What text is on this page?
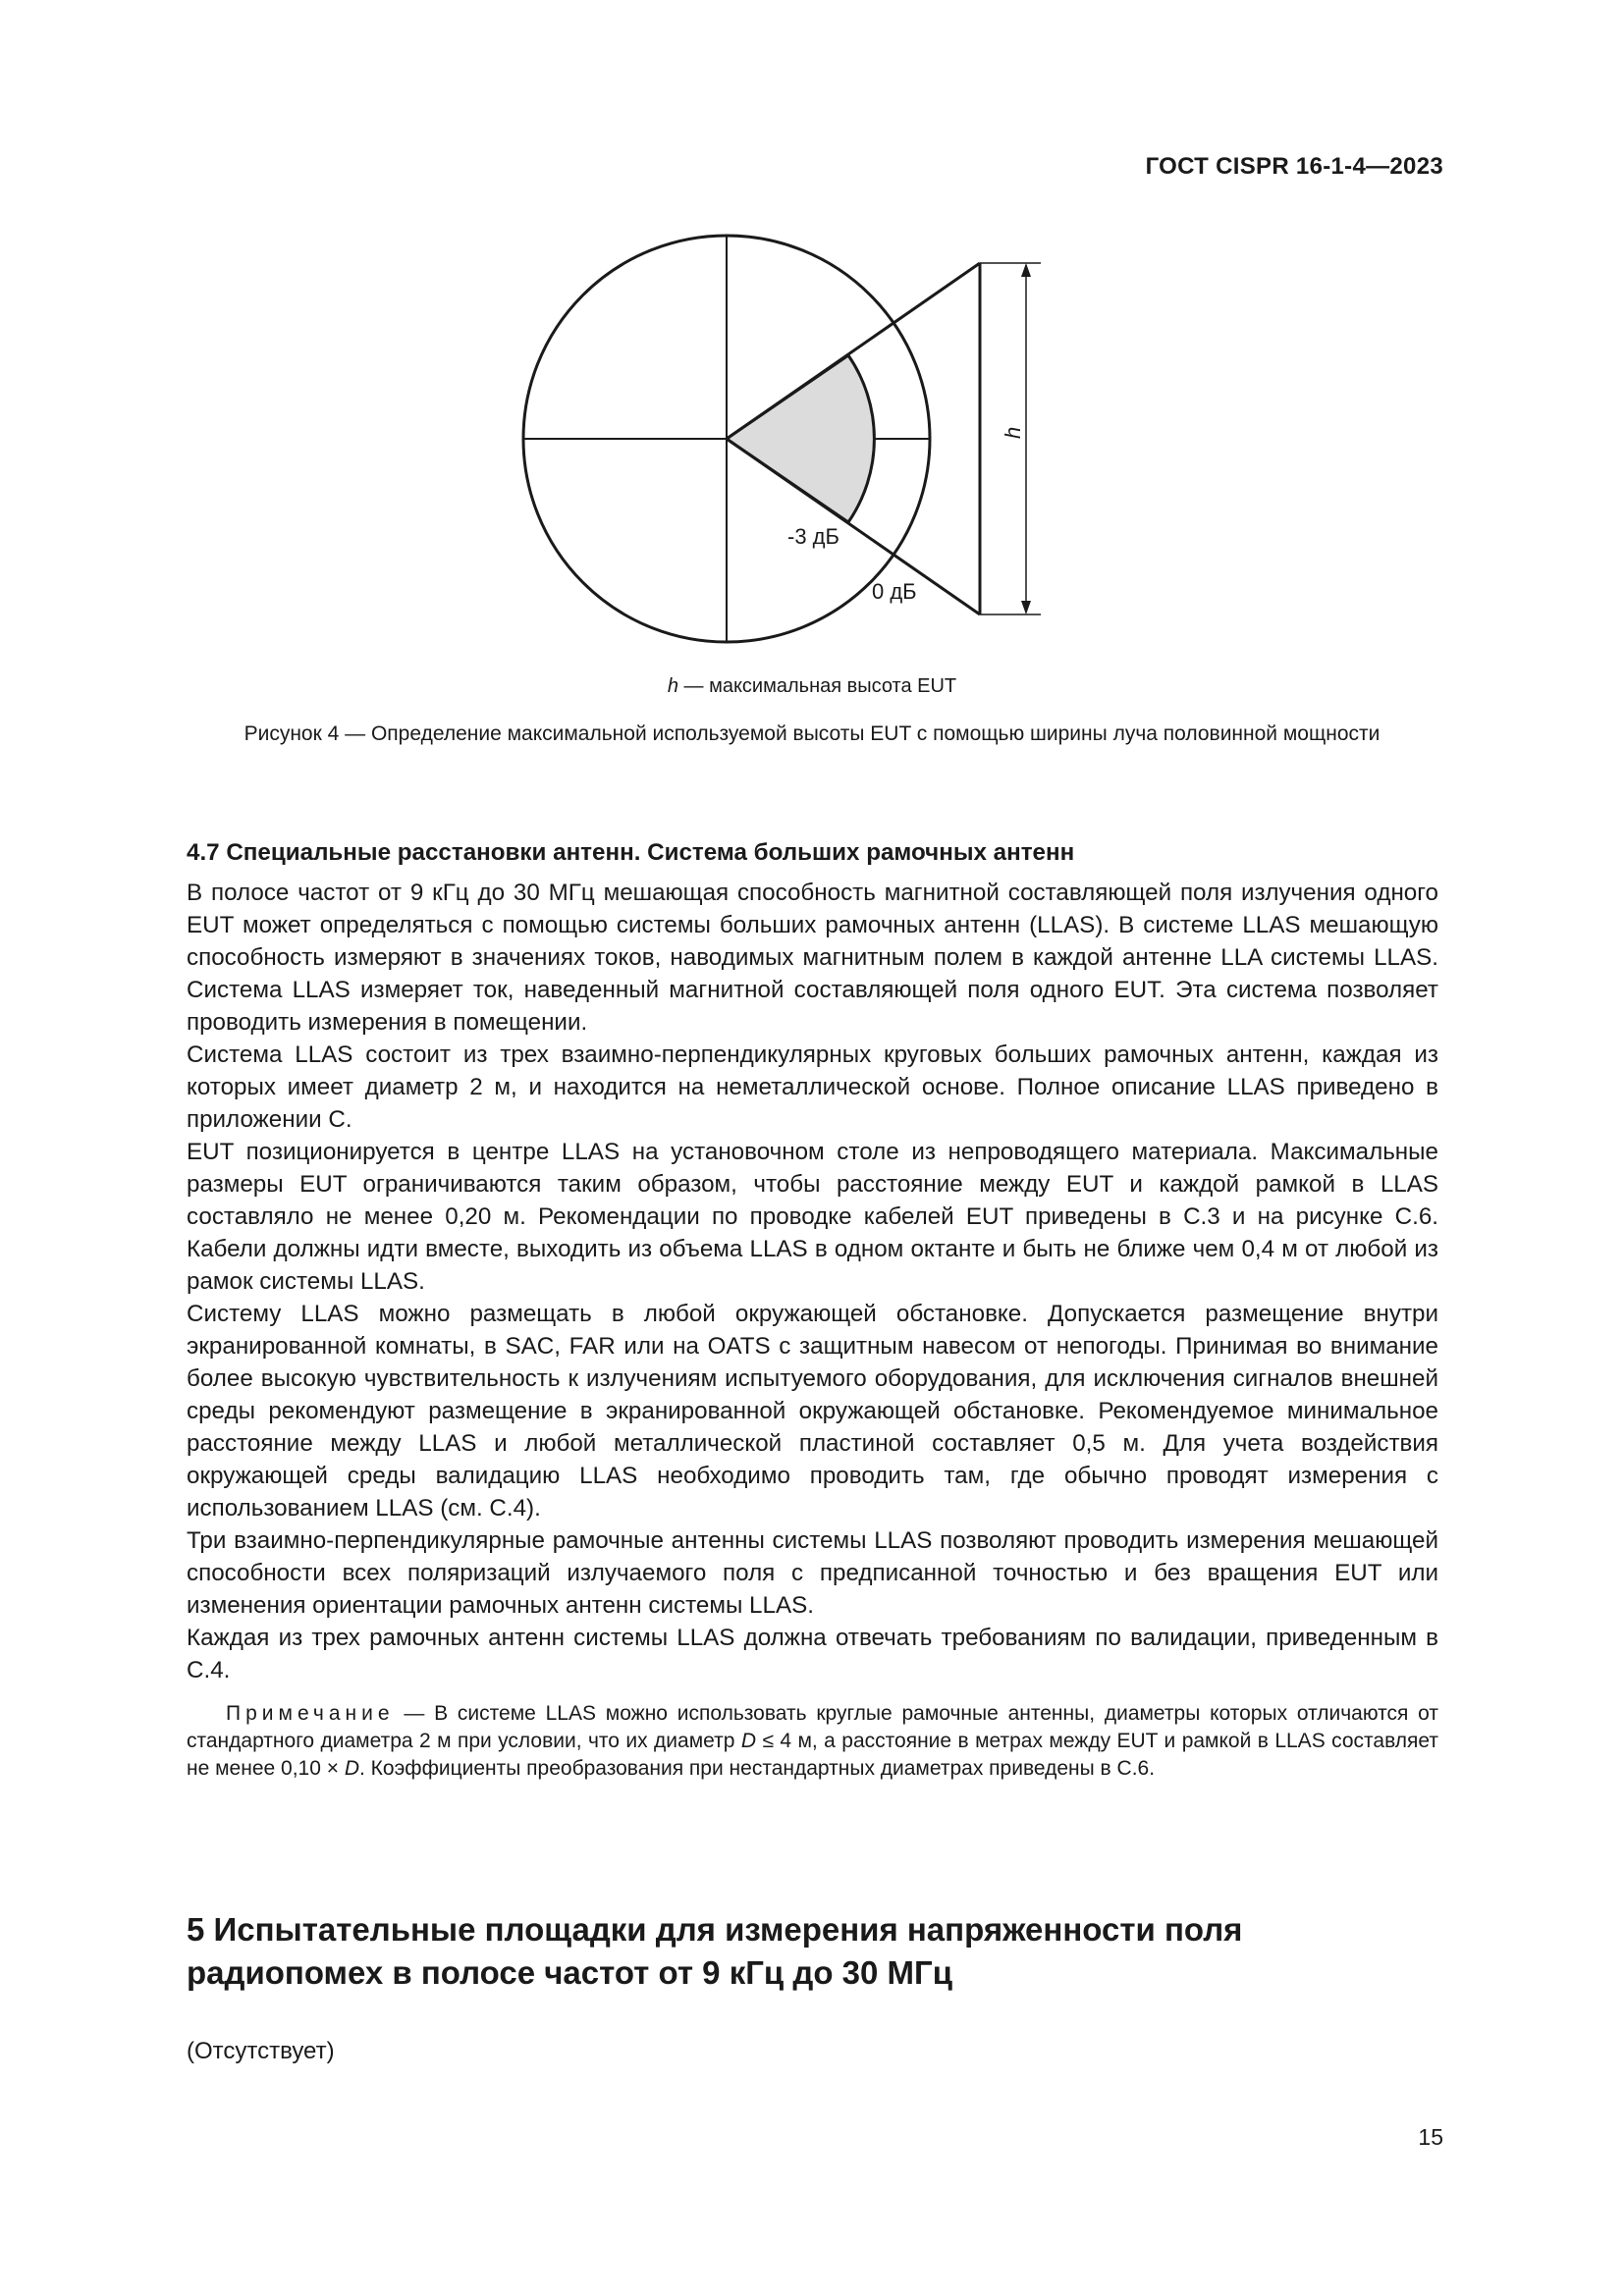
ГОСТ CISPR 16-1-4—2023
-3 дБ
0 дБ
h
h — максимальная высота EUT
Рисунок 4 — Определение максимальной используемой высоты EUT с помощью ширины луча половинной мощности
4.7 Специальные расстановки антенн. Система больших рамочных антенн

В полосе частот от 9 кГц до 30 МГц мешающая способность магнитной составляющей поля излучения одного EUT может определяться с помощью системы больших рамочных антенн (LLAS). В системе LLAS мешающую способность измеряют в значениях токов, наводимых магнитным полем в каждой антенне LLA системы LLAS. Система LLAS измеряет ток, наведенный магнитной составляющей поля одного EUT. Эта система позволяет проводить измерения в помещении.

Система LLAS состоит из трех взаимно-перпендикулярных круговых больших рамочных антенн, каждая из которых имеет диаметр 2 м, и находится на неметаллической основе. Полное описание LLAS приведено в приложении С.

EUT позиционируется в центре LLAS на установочном столе из непроводящего материала. Максимальные размеры EUT ограничиваются таким образом, чтобы расстояние между EUT и каждой рамкой в LLAS составляло не менее 0,20 м. Рекомендации по проводке кабелей EUT приведены в С.3 и на рисунке С.6. Кабели должны идти вместе, выходить из объема LLAS в одном октанте и быть не ближе чем 0,4 м от любой из рамок системы LLAS.

Систему LLAS можно размещать в любой окружающей обстановке. Допускается размещение внутри экранированной комнаты, в SAC, FAR или на OATS с защитным навесом от непогоды. Принимая во внимание более высокую чувствительность к излучениям испытуемого оборудования, для исключения сигналов внешней среды рекомендуют размещение в экранированной окружающей обстановке. Рекомендуемое минимальное расстояние между LLAS и любой металлической пластиной составляет 0,5 м. Для учета воздействия окружающей среды валидацию LLAS необходимо проводить там, где обычно проводят измерения с использованием LLAS (см. С.4).

Три взаимно-перпендикулярные рамочные антенны системы LLAS позволяют проводить измерения мешающей способности всех поляризаций излучаемого поля с предписанной точностью и без вращения EUT или изменения ориентации рамочных антенн системы LLAS.

Каждая из трех рамочных антенн системы LLAS должна отвечать требованиям по валидации, приведенным в С.4.

Примечание — В системе LLAS можно использовать круглые рамочные антенны, диаметры которых отличаются от стандартного диаметра 2 м при условии, что их диаметр D ≤ 4 м, а расстояние в метрах между EUT и рамкой в LLAS составляет не менее 0,10 × D. Коэффициенты преобразования при нестандартных диаметрах приведены в С.6.
5 Испытательные площадки для измерения напряженности поля
радиопомех в полосе частот от 9 кГц до 30 МГц
(Отсутствует)
15
